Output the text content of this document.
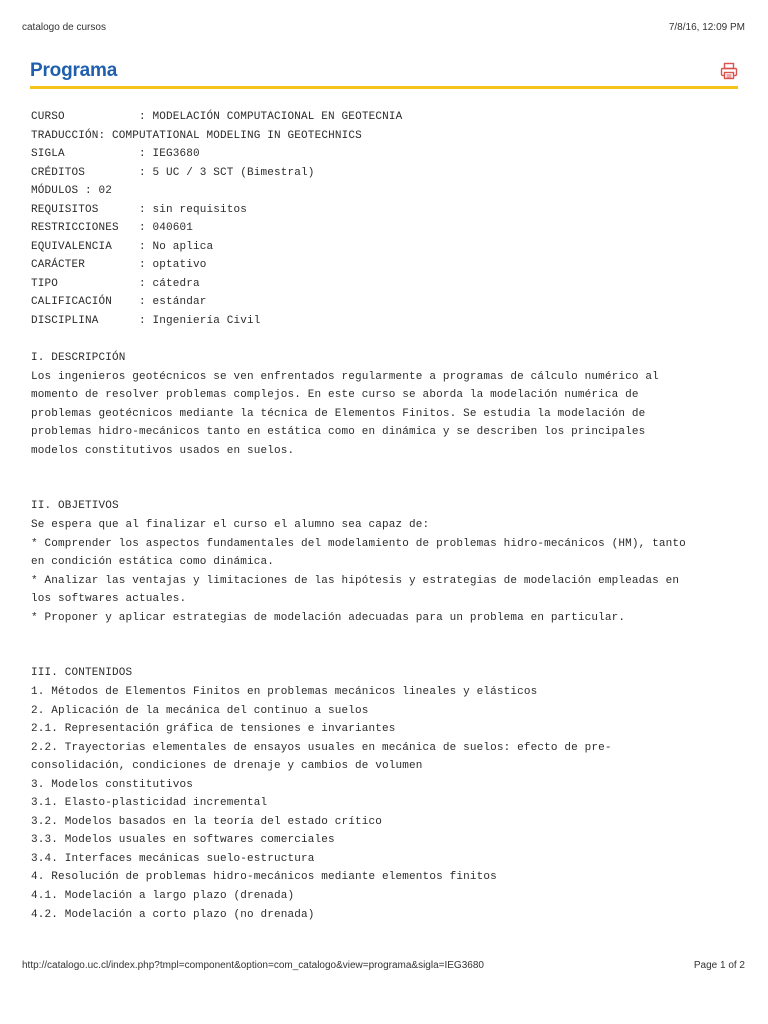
catalogo de cursos	7/8/16, 12:09 PM
Programa
CURSO           : MODELACIÓN COMPUTACIONAL EN GEOTECNIA
TRADUCCIÓN: COMPUTATIONAL MODELING IN GEOTECHNICS
SIGLA           : IEG3680
CRÉDITOS        : 5 UC / 3 SCT (Bimestral)
MÓDULOS : 02
REQUISITOS      : sin requisitos
RESTRICCIONES   : 040601
EQUIVALENCIA    : No aplica
CARÁCTER        : optativo
TIPO            : cátedra
CALIFICACIÓN    : estándar
DISCIPLINA      : Ingeniería Civil
I. DESCRIPCIÓN
Los ingenieros geotécnicos se ven enfrentados regularmente a programas de cálculo numérico al
momento de resolver problemas complejos. En este curso se aborda la modelación numérica de
problemas geotécnicos mediante la técnica de Elementos Finitos. Se estudia la modelación de
problemas hidro-mecánicos tanto en estática como en dinámica y se describen los principales
modelos constitutivos usados en suelos.
II. OBJETIVOS
Se espera que al finalizar el curso el alumno sea capaz de:
* Comprender los aspectos fundamentales del modelamiento de problemas hidro-mecánicos (HM), tanto
en condición estática como dinámica.
* Analizar las ventajas y limitaciones de las hipótesis y estrategias de modelación empleadas en
los softwares actuales.
* Proponer y aplicar estrategias de modelación adecuadas para un problema en particular.
III. CONTENIDOS
1. Métodos de Elementos Finitos en problemas mecánicos lineales y elásticos
2. Aplicación de la mecánica del continuo a suelos
2.1. Representación gráfica de tensiones e invariantes
2.2. Trayectorias elementales de ensayos usuales en mecánica de suelos: efecto de pre-
consolidación, condiciones de drenaje y cambios de volumen
3. Modelos constitutivos
3.1. Elasto-plasticidad incremental
3.2. Modelos basados en la teoría del estado crítico
3.3. Modelos usuales en softwares comerciales
3.4. Interfaces mecánicas suelo-estructura
4. Resolución de problemas hidro-mecánicos mediante elementos finitos
4.1. Modelación a largo plazo (drenada)
4.2. Modelación a corto plazo (no drenada)
http://catalogo.uc.cl/index.php?tmpl=component&option=com_catalogo&view=programa&sigla=IEG3680	Page 1 of 2
